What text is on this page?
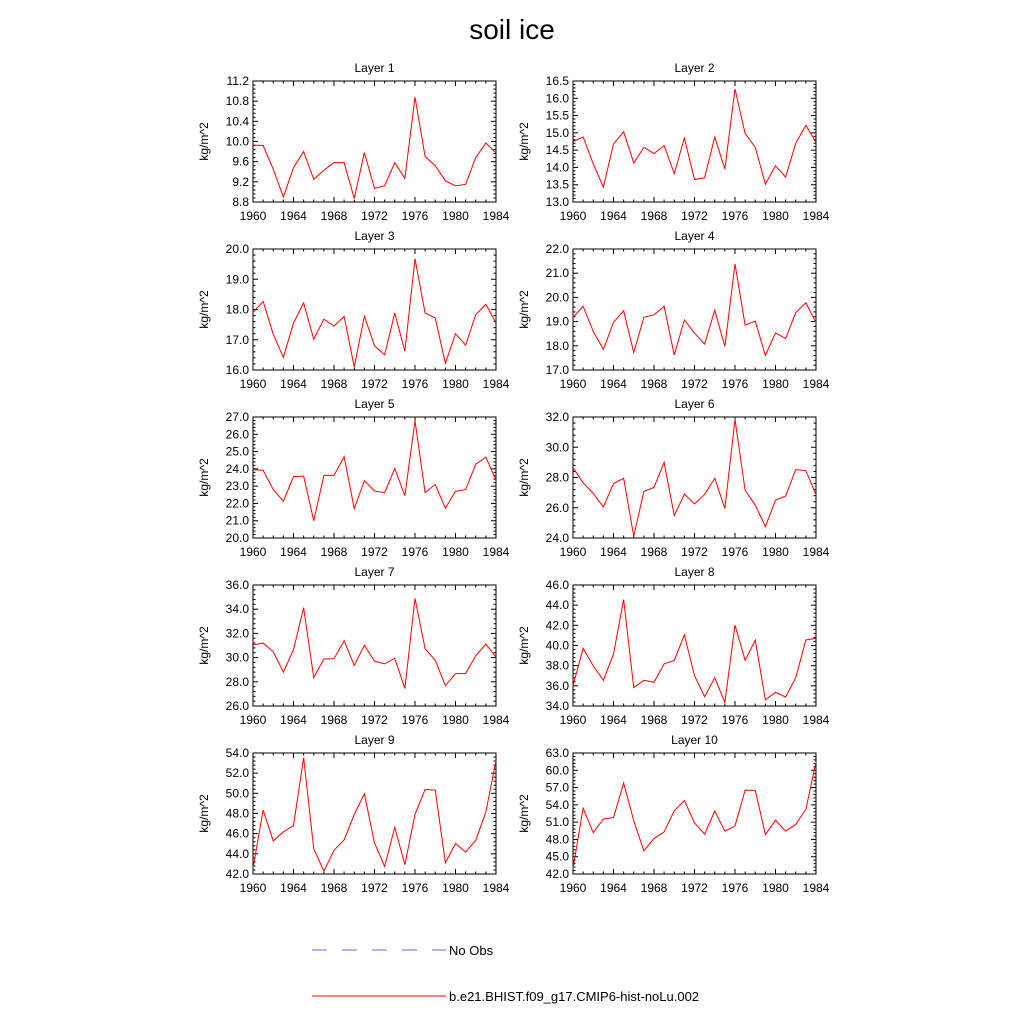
soil ice
Layer 1
1960 1964 1968 1972 1976 1980 1984
8.8
9.2
9.6
10.0
10.4
10.8
11.2
kg/m^2
Layer 2
1960 1964 1968 1972 1976 1980 1984
13.0
13.5
14.0
14.5
15.0
15.5
16.0
16.5
kg/m^2
Layer 3
1960 1964 1968 1972 1976 1980 1984
16.0
17.0
18.0
19.0
20.0
kg/m^2
Layer 4
1960 1964 1968 1972 1976 1980 1984
17.0
18.0
19.0
20.0
21.0
22.0
kg/m^2
Layer 5
1960 1964 1968 1972 1976 1980 1984
20.0
21.0
22.0
23.0
24.0
25.0
26.0
27.0
kg/m^2
Layer 6
1960 1964 1968 1972 1976 1980 1984
24.0
26.0
28.0
30.0
32.0
kg/m^2
Layer 7
1960 1964 1968 1972 1976 1980 1984
26.0
28.0
30.0
32.0
34.0
36.0
kg/m^2
Layer 8
1960 1964 1968 1972 1976 1980 1984
34.0
36.0
38.0
40.0
42.0
44.0
46.0
kg/m^2
Layer 9
1960 1964 1968 1972 1976 1980 1984
42.0
44.0
46.0
48.0
50.0
52.0
54.0
kg/m^2
Layer 10
1960 1964 1968 1972 1976 1980 1984
42.0
45.0
48.0
51.0
54.0
57.0
60.0
63.0
kg/m^2
No Obs
b.e21.BHIST.f09_g17.CMIP6-hist-noLu.002
